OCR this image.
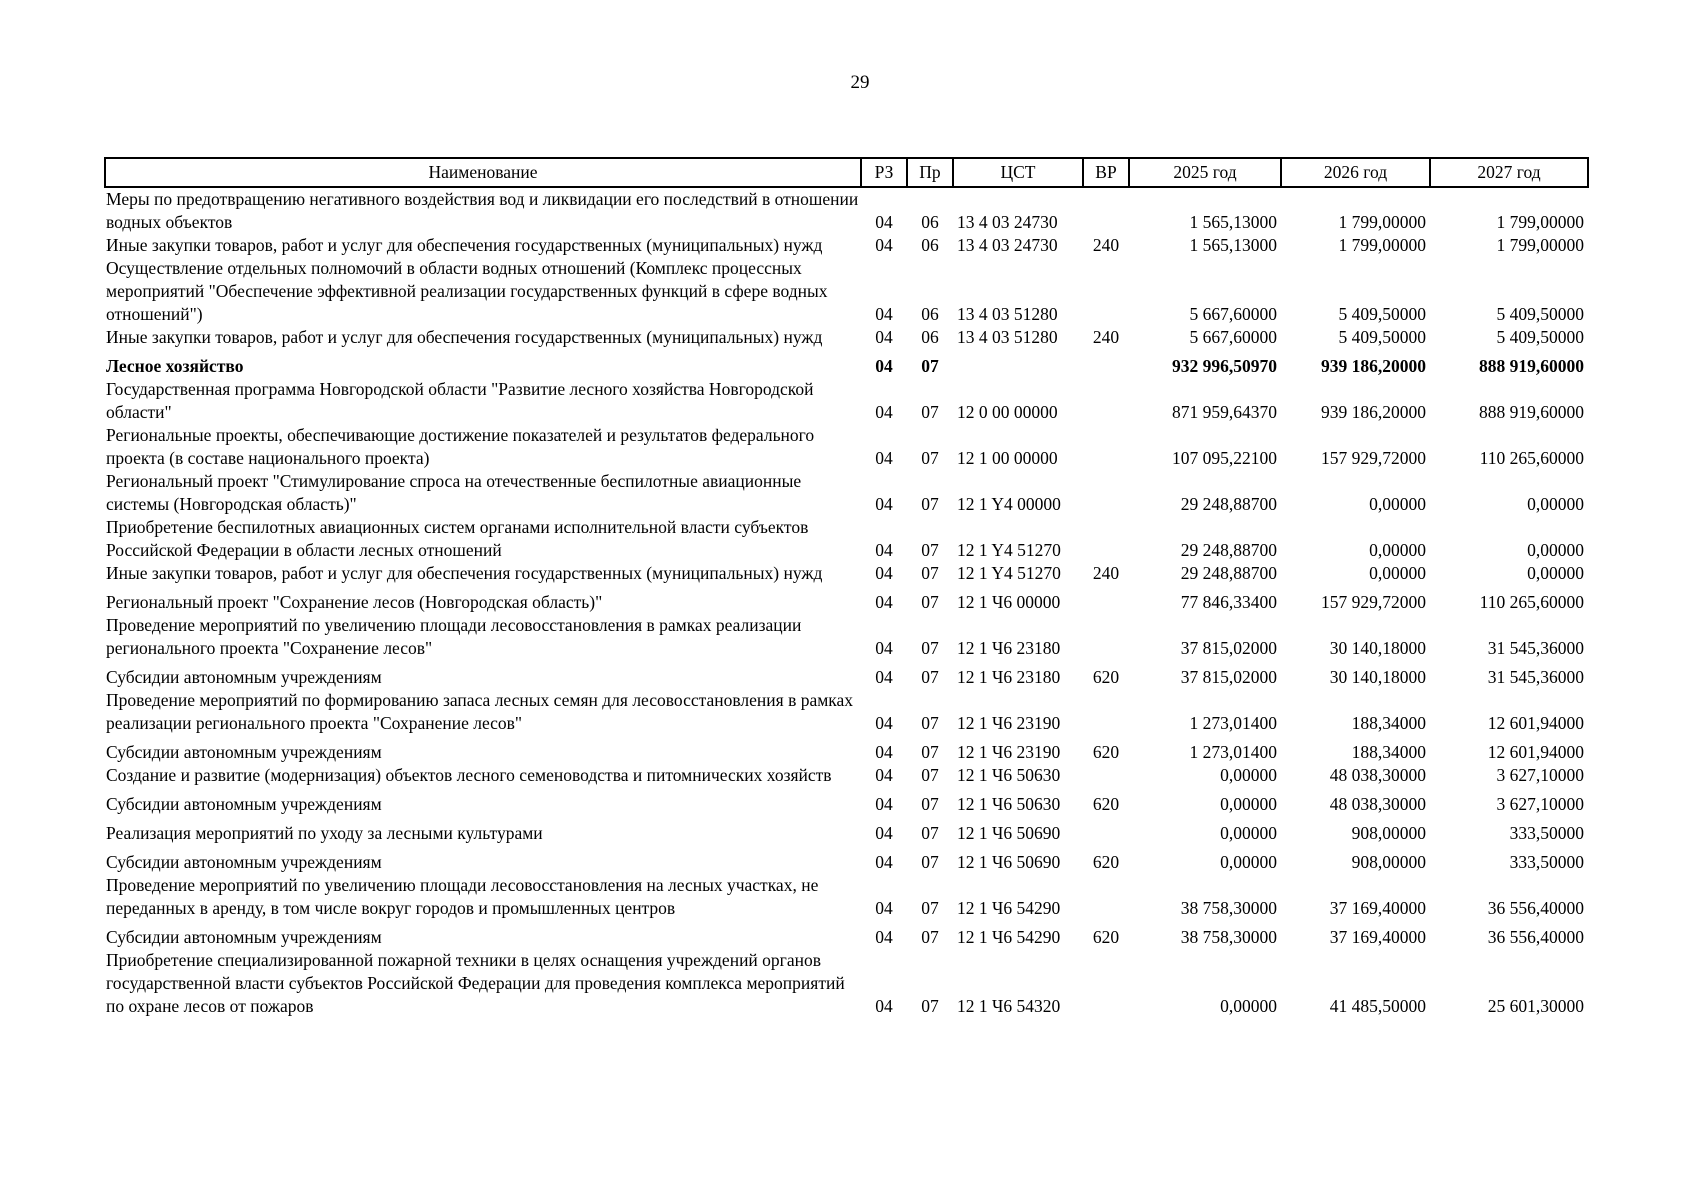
29
Наименование	РЗ	Пр	ЦСТ	ВР	2025 год	2026 год	2027 год
Меры по предотвращению негативного воздействия вод и ликвидации его последствий в отношении водных объектов	04	06	13 4 03 24730		1 565,13000	1 799,00000	1 799,00000
Иные закупки товаров, работ и услуг для обеспечения государственных (муниципальных) нужд	04	06	13 4 03 24730	240	1 565,13000	1 799,00000	1 799,00000
Осуществление отдельных полномочий в области водных отношений (Комплекс процессных мероприятий "Обеспечение эффективной реализации государственных функций в сфере водных отношений")	04	06	13 4 03 51280		5 667,60000	5 409,50000	5 409,50000
Иные закупки товаров, работ и услуг для обеспечения государственных (муниципальных) нужд	04	06	13 4 03 51280	240	5 667,60000	5 409,50000	5 409,50000
Лесное хозяйство	04	07			932 996,50970	939 186,20000	888 919,60000
Государственная программа Новгородской области "Развитие лесного хозяйства Новгородской области"	04	07	12 0 00 00000		871 959,64370	939 186,20000	888 919,60000
Региональные проекты, обеспечивающие достижение показателей и результатов федерального проекта (в составе национального проекта)	04	07	12 1 00 00000		107 095,22100	157 929,72000	110 265,60000
Региональный проект "Стимулирование спроса на отечественные беспилотные авиационные системы (Новгородская область)"	04	07	12 1 Y4 00000		29 248,88700	0,00000	0,00000
Приобретение беспилотных авиационных систем органами исполнительной власти субъектов Российской Федерации в области лесных отношений	04	07	12 1 Y4 51270		29 248,88700	0,00000	0,00000
Иные закупки товаров, работ и услуг для обеспечения государственных (муниципальных) нужд	04	07	12 1 Y4 51270	240	29 248,88700	0,00000	0,00000
Региональный проект "Сохранение лесов (Новгородская область)"	04	07	12 1 Ч6 00000		77 846,33400	157 929,72000	110 265,60000
Проведение мероприятий по увеличению площади лесовосстановления в рамках реализации регионального проекта "Сохранение лесов"	04	07	12 1 Ч6 23180		37 815,02000	30 140,18000	31 545,36000
Субсидии автономным учреждениям	04	07	12 1 Ч6 23180	620	37 815,02000	30 140,18000	31 545,36000
Проведение мероприятий по формированию запаса лесных семян для лесовосстановления в рамках реализации регионального проекта "Сохранение лесов"	04	07	12 1 Ч6 23190		1 273,01400	188,34000	12 601,94000
Субсидии автономным учреждениям	04	07	12 1 Ч6 23190	620	1 273,01400	188,34000	12 601,94000
Создание и развитие (модернизация) объектов лесного семеноводства и питомнических хозяйств	04	07	12 1 Ч6 50630		0,00000	48 038,30000	3 627,10000
Субсидии автономным учреждениям	04	07	12 1 Ч6 50630	620	0,00000	48 038,30000	3 627,10000
Реализация мероприятий по уходу за лесными культурами	04	07	12 1 Ч6 50690		0,00000	908,00000	333,50000
Субсидии автономным учреждениям	04	07	12 1 Ч6 50690	620	0,00000	908,00000	333,50000
Проведение мероприятий по увеличению площади лесовосстановления на лесных участках, не переданных в аренду, в том числе вокруг городов и промышленных центров	04	07	12 1 Ч6 54290		38 758,30000	37 169,40000	36 556,40000
Субсидии автономным учреждениям	04	07	12 1 Ч6 54290	620	38 758,30000	37 169,40000	36 556,40000
Приобретение специализированной пожарной техники в целях оснащения учреждений органов государственной власти субъектов Российской Федерации для проведения комплекса мероприятий по охране лесов от пожаров	04	07	12 1 Ч6 54320		0,00000	41 485,50000	25 601,30000
